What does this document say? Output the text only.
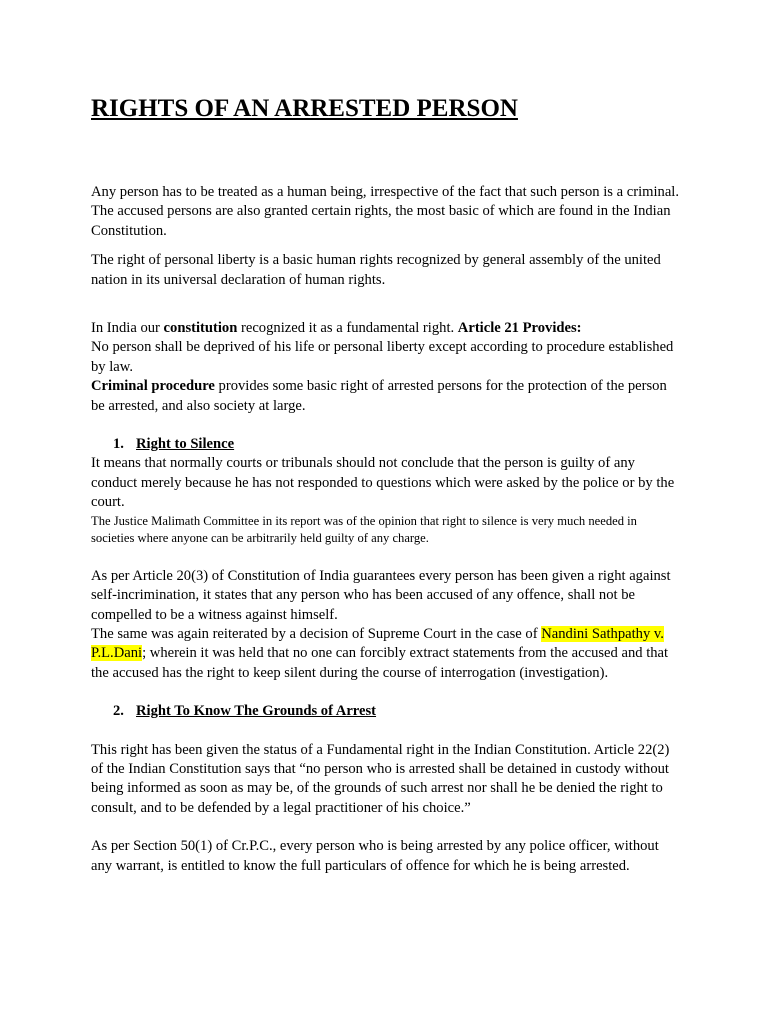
RIGHTS OF AN ARRESTED PERSON

Any person has to be treated as a human being, irrespective of the fact that such person is a criminal. The accused persons are also granted certain rights, the most basic of which are found in the Indian Constitution.

The right of personal liberty is a basic human rights recognized by general assembly of the united nation in its universal declaration of human rights.

In India our constitution recognized it as a fundamental right. Article 21 Provides:

No person shall be deprived of his life or personal liberty except according to procedure established by law.

Criminal procedure provides some basic right of arrested persons for the protection of the person be arrested, and also society at large.

1. Right to Silence

It means that normally courts or tribunals should not conclude that the person is guilty of any conduct merely because he has not responded to questions which were asked by the police or by the court.

The Justice Malimath Committee in its report was of the opinion that right to silence is very much needed in societies where anyone can be arbitrarily held guilty of any charge.

As per Article 20(3) of Constitution of India guarantees every person has been given a right against self-incrimination, it states that any person who has been accused of any offence, shall not be compelled to be a witness against himself.

The same was again reiterated by a decision of Supreme Court in the case of Nandini Sathpathy v. P.L.Dani; wherein it was held that no one can forcibly extract statements from the accused and that the accused has the right to keep silent during the course of interrogation (investigation).

2. Right To Know The Grounds of Arrest

This right has been given the status of a Fundamental right in the Indian Constitution. Article 22(2) of the Indian Constitution says that “no person who is arrested shall be detained in custody without being informed as soon as may be, of the grounds of such arrest nor shall he be denied the right to consult, and to be defended by a legal practitioner of his choice.”

As per Section 50(1) of Cr.P.C., every person who is being arrested by any police officer, without any warrant, is entitled to know the full particulars of offence for which he is being arrested.
